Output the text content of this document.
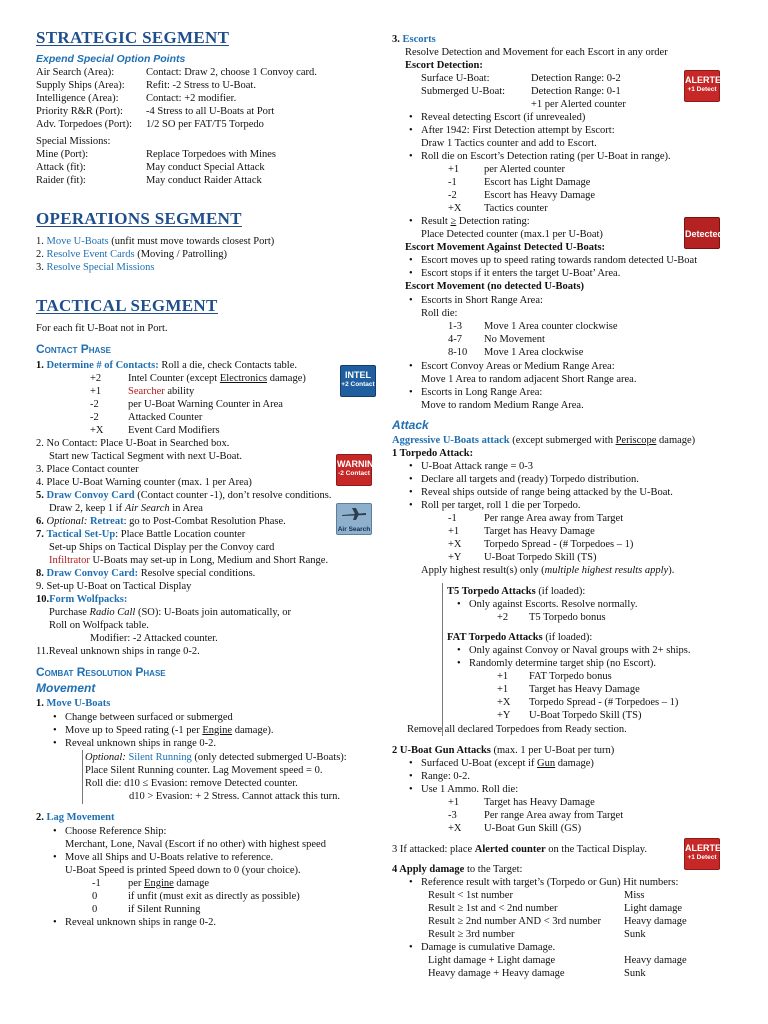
STRATEGIC SEGMENT
Expend Special Option Points
Air Search (Area):	Contact: Draw 2, choose 1 Convoy card.
Supply Ships (Area): Refit: -2 Stress to U-Boat.
Intelligence (Area):	Contact: +2 modifier.
Priority R&R (Port): -4 Stress to all U-Boats at Port
Adv. Torpedoes (Port): 1/2 SO per FAT/T5 Torpedo
Special Missions:
Mine (Port):	Replace Torpedoes with Mines
Attack (fit):	May conduct Special Attack
Raider (fit):	May conduct Raider Attack
OPERATIONS SEGMENT
1. Move U-Boats (unfit must move towards closest Port)
2. Resolve Event Cards (Moving / Patrolling)
3. Resolve Special Missions
TACTICAL SEGMENT
For each fit U-Boat not in Port.
Contact Phase
1. Determine # of Contacts: Roll a die, check Contacts table.
+2	Intel Counter (except Electronics damage)
+1	Searcher ability
-2	per U-Boat Warning Counter in Area
-2	Attacked Counter
+X Event Card Modifiers
2. No Contact: Place U-Boat in Searched box.
Start new Tactical Segment with next U-Boat.
3. Place Contact counter
4. Place U-Boat Warning counter (max. 1 per Area)
5. Draw Convoy Card (Contact counter -1), don’t resolve conditions.
Draw 2, keep 1 if Air Search in Area
6. Optional: Retreat: go to Post-Combat Resolution Phase.
7. Tactical Set-Up: Place Battle Location counter
Set-up Ships on Tactical Display per the Convoy card
Infiltrator U-Boats may set-up in Long, Medium and Short Range.
8. Draw Convoy Card: Resolve special conditions.
9. Set-up U-Boat on Tactical Display
10.Form Wolfpacks:
Purchase Radio Call (SO): U-Boats join automatically, or
Roll on Wolfpack table.
Modifier: -2 Attacked counter.
11.Reveal unknown ships in range 0-2.
Combat Resolution Phase
Movement
1. Move U-Boats
• Change between surfaced or submerged
• Move up to Speed rating (-1 per Engine damage).
• Reveal unknown ships in range 0-2.
Optional: Silent Running (only detected submerged U-Boats):
Place Silent Running counter. Lag Movement speed = 0.
Roll die: d10 ≤ Evasion: remove Detected counter.
d10 > Evasion: + 2 Stress. Cannot attack this turn.
2. Lag Movement
• Choose Reference Ship:
Merchant, Lone, Naval (Escort if no other) with highest speed
• Move all Ships and U-Boats relative to reference.
U-Boat Speed is printed Speed down to 0 (your choice).
-1	per Engine damage
0	if unfit (must exit as directly as possible)
0	if Silent Running
• Reveal unknown ships in range 0-2.
INTEL
+2 Contact
WARNING
-2 Contact
Air Search
3. Escorts
Resolve Detection and Movement for each Escort in any order
Escort Detection:
Surface U-Boat:	Detection Range: 0-2
Submerged U-Boat: Detection Range: 0-1
+1 per Alerted counter
• Reveal detecting Escort (if unrevealed)
• After 1942: First Detection attempt by Escort:
Draw 1 Tactics counter and add to Escort.
• Roll die on Escort’s Detection rating (per U-Boat in range).
+1 per Alerted counter
-1	Escort has Light Damage
-2	Escort has Heavy Damage
+X Tactics counter
• Result ≥ Detection rating:
Place Detected counter (max.1 per U-Boat)
Escort Movement Against Detected U-Boats:
• Escort moves up to speed rating towards random detected U-Boat
• Escort stops if it enters the target U-Boat’ Area.
Escort Movement (no detected U-Boats)
• Escorts in Short Range Area:
Roll die:
1-3 Move 1 Area counter clockwise
4-7 No Movement
8-10 Move 1 Area clockwise
• Escort Convoy Areas or Medium Range Area:
Move 1 Area to random adjacent Short Range area.
• Escorts in Long Range Area:
Move to random Medium Range Area.
Attack
Aggressive U-Boats attack (except submerged with Periscope damage)
1 Torpedo Attack:
• U-Boat Attack range = 0-3
• Declare all targets and (ready) Torpedo distribution.
• Reveal ships outside of range being attacked by the U-Boat.
• Roll per target, roll 1 die per Torpedo.
-1	Per range Area away from Target
+1 Target has Heavy Damage
+X Torpedo Spread - (# Torpedoes – 1)
+Y U-Boat Torpedo Skill (TS)
Apply highest result(s) only (multiple highest results apply).
T5 Torpedo Attacks (if loaded):
• Only against Escorts. Resolve normally.
+2 T5 Torpedo bonus
FAT Torpedo Attacks (if loaded):
• Only against Convoy or Naval groups with 2+ ships.
• Randomly determine target ship (no Escort).
+1 FAT Torpedo bonus
+1 Target has Heavy Damage
+X Torpedo Spread - (# Torpedoes – 1)
+Y U-Boat Torpedo Skill (TS)
Remove all declared Torpedoes from Ready section.
2 U-Boat Gun Attacks (max. 1 per U-Boat per turn)
• Surfaced U-Boat (except if Gun damage)
• Range: 0-2.
• Use 1 Ammo. Roll die:
+1 Target has Heavy Damage
-3	Per range Area away from Target
+X U-Boat Gun Skill (GS)
3 If attacked: place Alerted counter on the Tactical Display.
4 Apply damage to the Target:
• Reference result with target’s (Torpedo or Gun) Hit numbers:
Result < 1st number	Miss
Result ≥ 1st and < 2nd number	Light damage
Result ≥ 2nd number AND < 3rd number Heavy damage
Result ≥ 3rd number	Sunk
• Damage is cumulative Damage.
Light damage + Light damage	Heavy damage
Heavy damage + Heavy damage	Sunk
ALERTED
+1 Detect
Detected
ALERTED
+1 Detect
